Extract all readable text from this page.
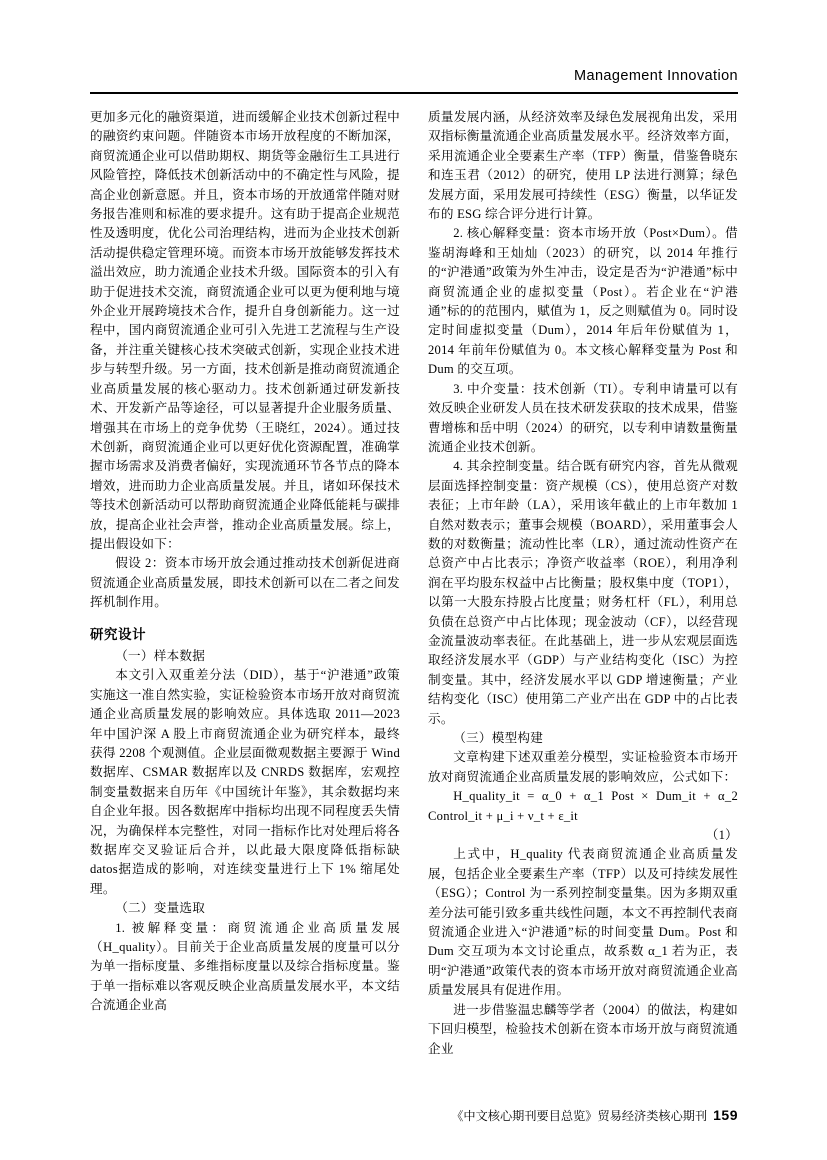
Management Innovation

更加多元化的融资渠道，进而缓解企业技术创新过程中的融资约束问题。伴随资本市场开放程度的不断加深，商贸流通企业可以借助期权、期货等金融衍生工具进行风险管控，降低技术创新活动中的不确定性与风险，提高企业创新意愿。并且，资本市场的开放通常伴随对财务报告准则和标准的要求提升。这有助于提高企业规范性及透明度，优化公司治理结构，进而为企业技术创新活动提供稳定管理环境。而资本市场开放能够发挥技术溢出效应，助力流通企业技术升级。国际资本的引入有助于促进技术交流，商贸流通企业可以更为便利地与境外企业开展跨境技术合作，提升自身创新能力。这一过程中，国内商贸流通企业可引入先进工艺流程与生产设备，并注重关键核心技术突破式创新，实现企业技术进步与转型升级。另一方面，技术创新是推动商贸流通企业高质量发展的核心驱动力。技术创新通过研发新技术、开发新产品等途径，可以显著提升企业服务质量、增强其在市场上的竞争优势（王晓红，2024）。通过技术创新，商贸流通企业可以更好优化资源配置，准确掌握市场需求及消费者偏好，实现流通环节各节点的降本增效，进而助力企业高质量发展。并且，诸如环保技术等技术创新活动可以帮助商贸流通企业降低能耗与碳排放，提高企业社会声誉，推动企业高质量发展。综上，提出假设如下：

假设 2：资本市场开放会通过推动技术创新促进商贸流通企业高质量发展，即技术创新可以在二者之间发挥机制作用。

研究设计

（一）样本数据

本文引入双重差分法（DID），基于“沪港通”政策实施这一准自然实验，实证检验资本市场开放对商贸流通企业高质量发展的影响效应。具体选取 2011—2023 年中国沪深 A 股上市商贸流通企业为研究样本，最终获得 2208 个观测值。企业层面微观数据主要源于 Wind 数据库、CSMAR 数据库以及 CNRDS 数据库，宏观控制变量数据来自历年《中国统计年鉴》，其余数据均来自企业年报。因各数据库中指标均出现不同程度丢失情况，为确保样本完整性，对同一指标作比对处理后将各数据库交叉验证后合并，以此最大限度降低指标缺datos据造成的影响，对连续变量进行上下 1% 缩尾处理。

（二）变量选取

1. 被解释变量：商贸流通企业高质量发展（H_quality）。目前关于企业高质量发展的度量可以分为单一指标度量、多维指标度量以及综合指标度量。鉴于单一指标难以客观反映企业高质量发展水平，本文结合流通企业高

质量发展内涵，从经济效率及绿色发展视角出发，采用双指标衡量流通企业高质量发展水平。经济效率方面，采用流通企业全要素生产率（TFP）衡量，借鉴鲁晓东和连玉君（2012）的研究，使用 LP 法进行测算；绿色发展方面，采用发展可持续性（ESG）衡量，以华证发布的 ESG 综合评分进行计算。

2. 核心解释变量：资本市场开放（Post×Dum）。借鉴胡海峰和王灿灿（2023）的研究，以 2014 年推行的“沪港通”政策为外生冲击，设定是否为“沪港通”标中商贸流通企业的虚拟变量（Post）。若企业在“沪港通”标的的范围内，赋值为 1，反之则赋值为 0。同时设定时间虚拟变量（Dum），2014 年后年份赋值为 1，2014 年前年份赋值为 0。本文核心解释变量为 Post 和 Dum 的交互项。

3. 中介变量：技术创新（TI）。专利申请量可以有效反映企业研发人员在技术研发获取的技术成果，借鉴曹增栋和岳中明（2024）的研究，以专利申请数量衡量流通企业技术创新。

4. 其余控制变量。结合既有研究内容，首先从微观层面选择控制变量：资产规模（CS），使用总资产对数表征；上市年龄（LA），采用该年截止的上市年数加 1 自然对数表示；董事会规模（BOARD），采用董事会人数的对数衡量；流动性比率（LR），通过流动性资产在总资产中占比表示；净资产收益率（ROE），利用净利润在平均股东权益中占比衡量；股权集中度（TOP1），以第一大股东持股占比度量；财务杠杆（FL），利用总负债在总资产中占比体现；现金波动（CF），以经营现金流量波动率表征。在此基础上，进一步从宏观层面选取经济发展水平（GDP）与产业结构变化（ISC）为控制变量。其中，经济发展水平以 GDP 增速衡量；产业结构变化（ISC）使用第二产业产出在 GDP 中的占比表示。

（三）模型构建

文章构建下述双重差分模型，实证检验资本市场开放对商贸流通企业高质量发展的影响效应，公式如下：

H_quality_it = α_0 + α_1 Post × Dum_it + α_2 Control_it + μ_i + ν_t + ε_it
（1）

上式中，H_quality 代表商贸流通企业高质量发展，包括企业全要素生产率（TFP）以及可持续发展性（ESG）；Control 为一系列控制变量集。因为多期双重差分法可能引致多重共线性问题，本文不再控制代表商贸流通企业进入“沪港通”标的时间变量 Dum。Post 和 Dum 交互项为本文讨论重点，故系数 α_1 若为正，表明“沪港通”政策代表的资本市场开放对商贸流通企业高质量发展具有促进作用。

进一步借鉴温忠麟等学者（2004）的做法，构建如下回归模型，检验技术创新在资本市场开放与商贸流通企业

《中文核心期刊要目总览》贸易经济类核心期刊 159
